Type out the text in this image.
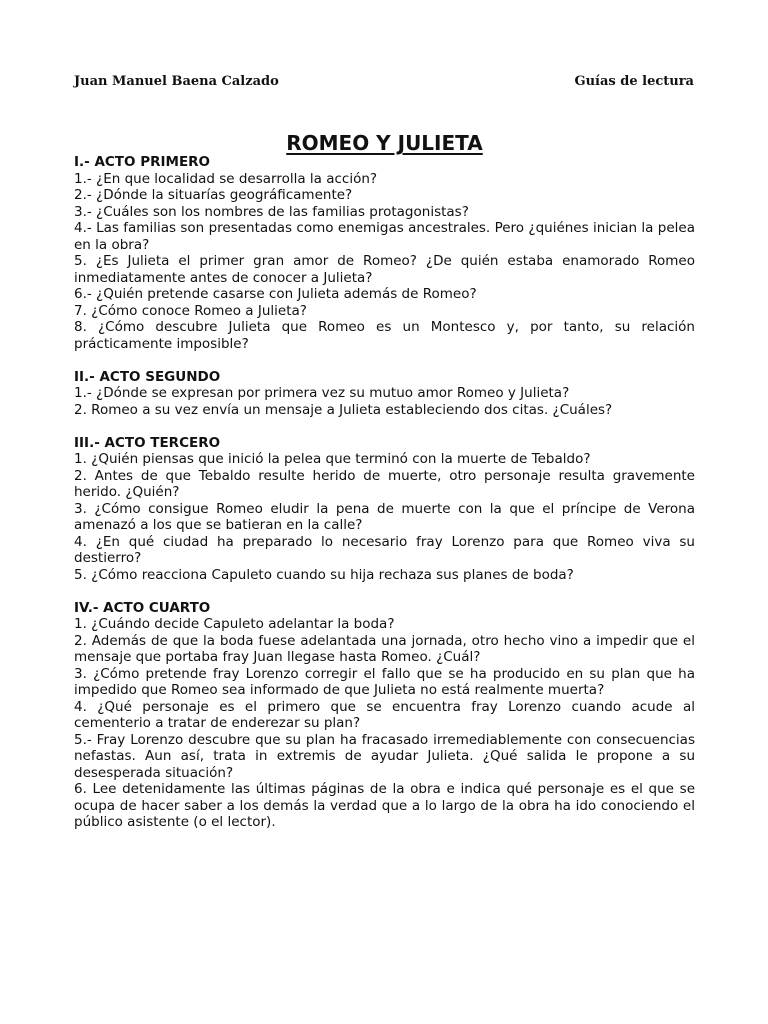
Juan Manuel Baena Calzado	Guías de lectura
ROMEO Y JULIETA

I.- ACTO PRIMERO

1.- ¿En que localidad se desarrolla la acción?

2.- ¿Dónde la situarías geográficamente?

3.- ¿Cuáles son los nombres de las familias protagonistas?

4.- Las familias son presentadas como enemigas ancestrales. Pero ¿quiénes inician la pelea en la obra?

5. ¿Es Julieta el primer gran amor de Romeo? ¿De quién estaba enamorado Romeo inmediatamente antes de conocer a Julieta?

6.- ¿Quién pretende casarse con Julieta además de Romeo?

7. ¿Cómo conoce Romeo a Julieta?

8. ¿Cómo descubre Julieta que Romeo es un Montesco y, por tanto, su relación prácticamente imposible?

II.- ACTO SEGUNDO

1.- ¿Dónde se expresan por primera vez su mutuo amor Romeo y Julieta?

2. Romeo a su vez envía un mensaje a Julieta estableciendo dos citas. ¿Cuáles?

III.- ACTO TERCERO

1. ¿Quién piensas que inició la pelea que terminó con la muerte de Tebaldo?

2. Antes de que Tebaldo resulte herido de muerte, otro personaje resulta gravemente herido. ¿Quién?

3. ¿Cómo consigue Romeo eludir la pena de muerte con la que el príncipe de Verona amenazó a los que se batieran en la calle?

4. ¿En qué ciudad ha preparado lo necesario fray Lorenzo para que Romeo viva su destierro?

5. ¿Cómo reacciona Capuleto cuando su hija rechaza sus planes de boda?

IV.- ACTO CUARTO

1. ¿Cuándo decide Capuleto adelantar la boda?

2. Además de que la boda fuese adelantada una jornada, otro hecho vino a impedir que el mensaje que portaba fray Juan llegase hasta Romeo. ¿Cuál?

3. ¿Cómo pretende fray Lorenzo corregir el fallo que se ha producido en su plan que ha impedido que Romeo sea informado de que Julieta no está realmente muerta?

4. ¿Qué personaje es el primero que se encuentra fray Lorenzo cuando acude al cementerio a tratar de enderezar su plan?

5.- Fray Lorenzo descubre que su plan ha fracasado irremediablemente con consecuencias nefastas. Aun así, trata in extremis de ayudar Julieta. ¿Qué salida le propone a su desesperada situación?

6. Lee detenidamente las últimas páginas de la obra e indica qué personaje es el que se ocupa de hacer saber a los demás la verdad que a lo largo de la obra ha ido conociendo el público asistente (o el lector).
